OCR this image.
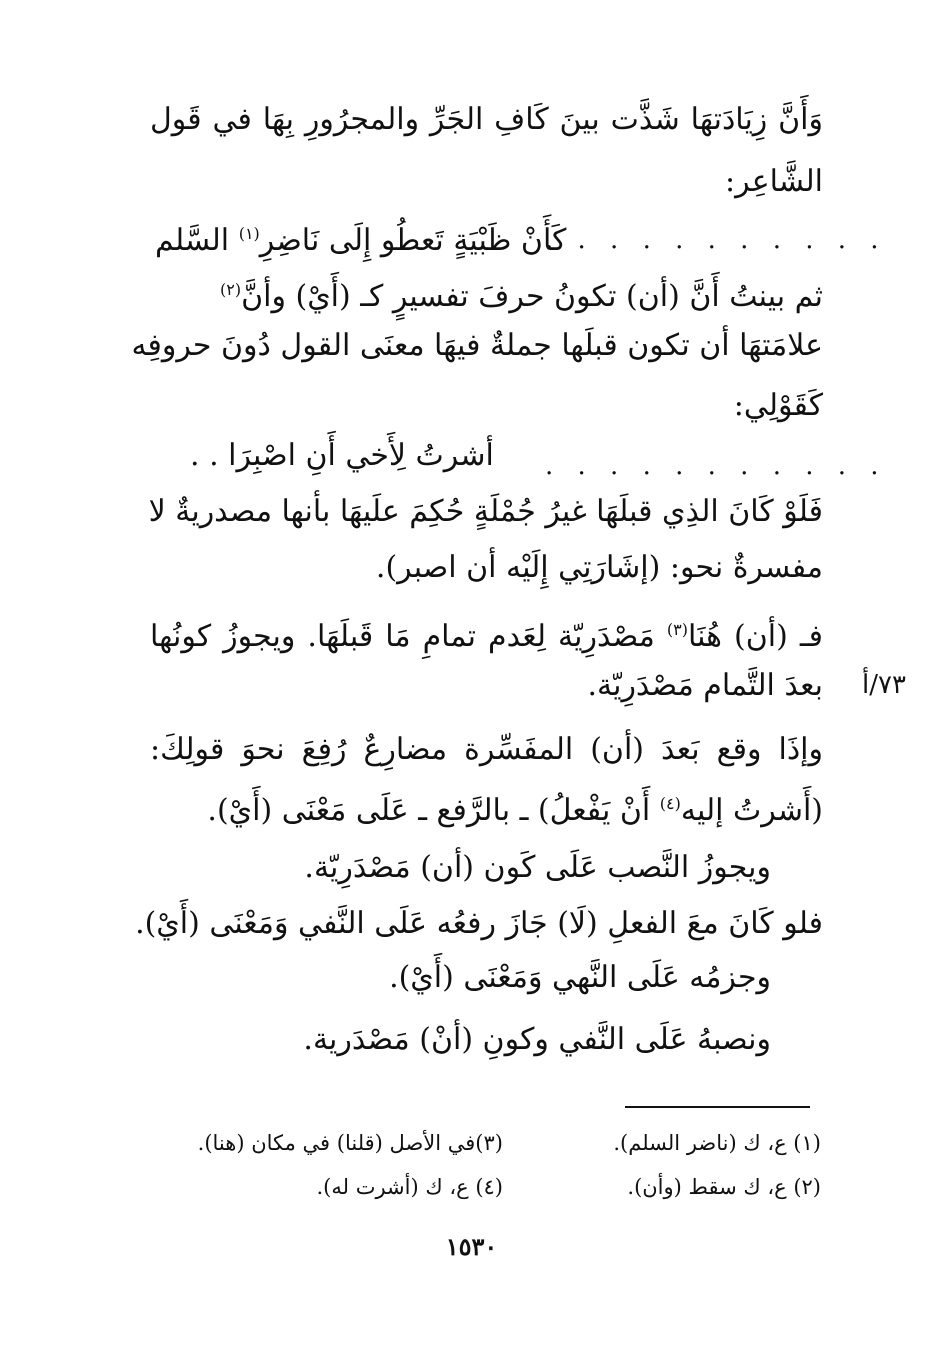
وَأَنَّ زِيَادَتهَا شَذَّت بينَ كَافِ الجَرِّ والمجرُورِ بِهَا في قَول
الشَّاعِر:
. . . . . . . . . . .
كَأَنْ ظَبْيَةٍ تَعطُو إِلَى نَاضِرِ$^{(١)}$ السَّلم
ثم بينتُ أَنَّ (أن) تكونُ حرفَ تفسيرٍ كـ (أَيْ) وأنَّ$^{(٢)}$
علامَتهَا أن تكون قبلَها جملةٌ فيهَا معنَى القول دُونَ حروفِه
كَقَوْلِي:
. . . . . . . . . . .
أشرتُ لِأَخي أَنِ اصْبِرَا . .
فَلَوْ كَانَ الذِي قبلَهَا غيرُ جُمْلَةٍ حُكِمَ علَيهَا بأنها مصدريةٌ لا
مفسرةٌ نحو: (إشَارَتِي إِلَيْه أن اصبر).
فـ (أن) هُنَا$^{(٣)}$ مَصْدَرِيّة لِعَدم تمامِ مَا قَبلَهَا. ويجوزُ كونُها
بعدَ التَّمام مَصْدَرِيّة. ٧٣/أ
وإذَا وقع بَعدَ (أن) المفَسِّرة مضارِعٌ رُفِعَ نحوَ قولِكَ:
(أَشرتُ إليه$^{(٤)}$ أَنْ يَفْعلُ) ـ بالرَّفع ـ عَلَى مَعْنَى (أَيْ).
ويجوزُ النَّصب عَلَى كَون (أن) مَصْدَرِيّة.
فلو كَانَ معَ الفعلِ (لَا) جَازَ رفعُه عَلَى النَّفي وَمَعْنَى (أَيْ).
وجزمُه عَلَى النَّهي وَمَعْنَى (أَيْ).
ونصبهُ عَلَى النَّفي وكونِ (أنْ) مَصْدَرية.
(١) ع، ك (ناضر السلم).
(٢) ع، ك سقط (وأن).
(٣)في الأصل (قلنا) في مكان (هنا).
(٤) ع، ك (أشرت له).
١٥٣٠
